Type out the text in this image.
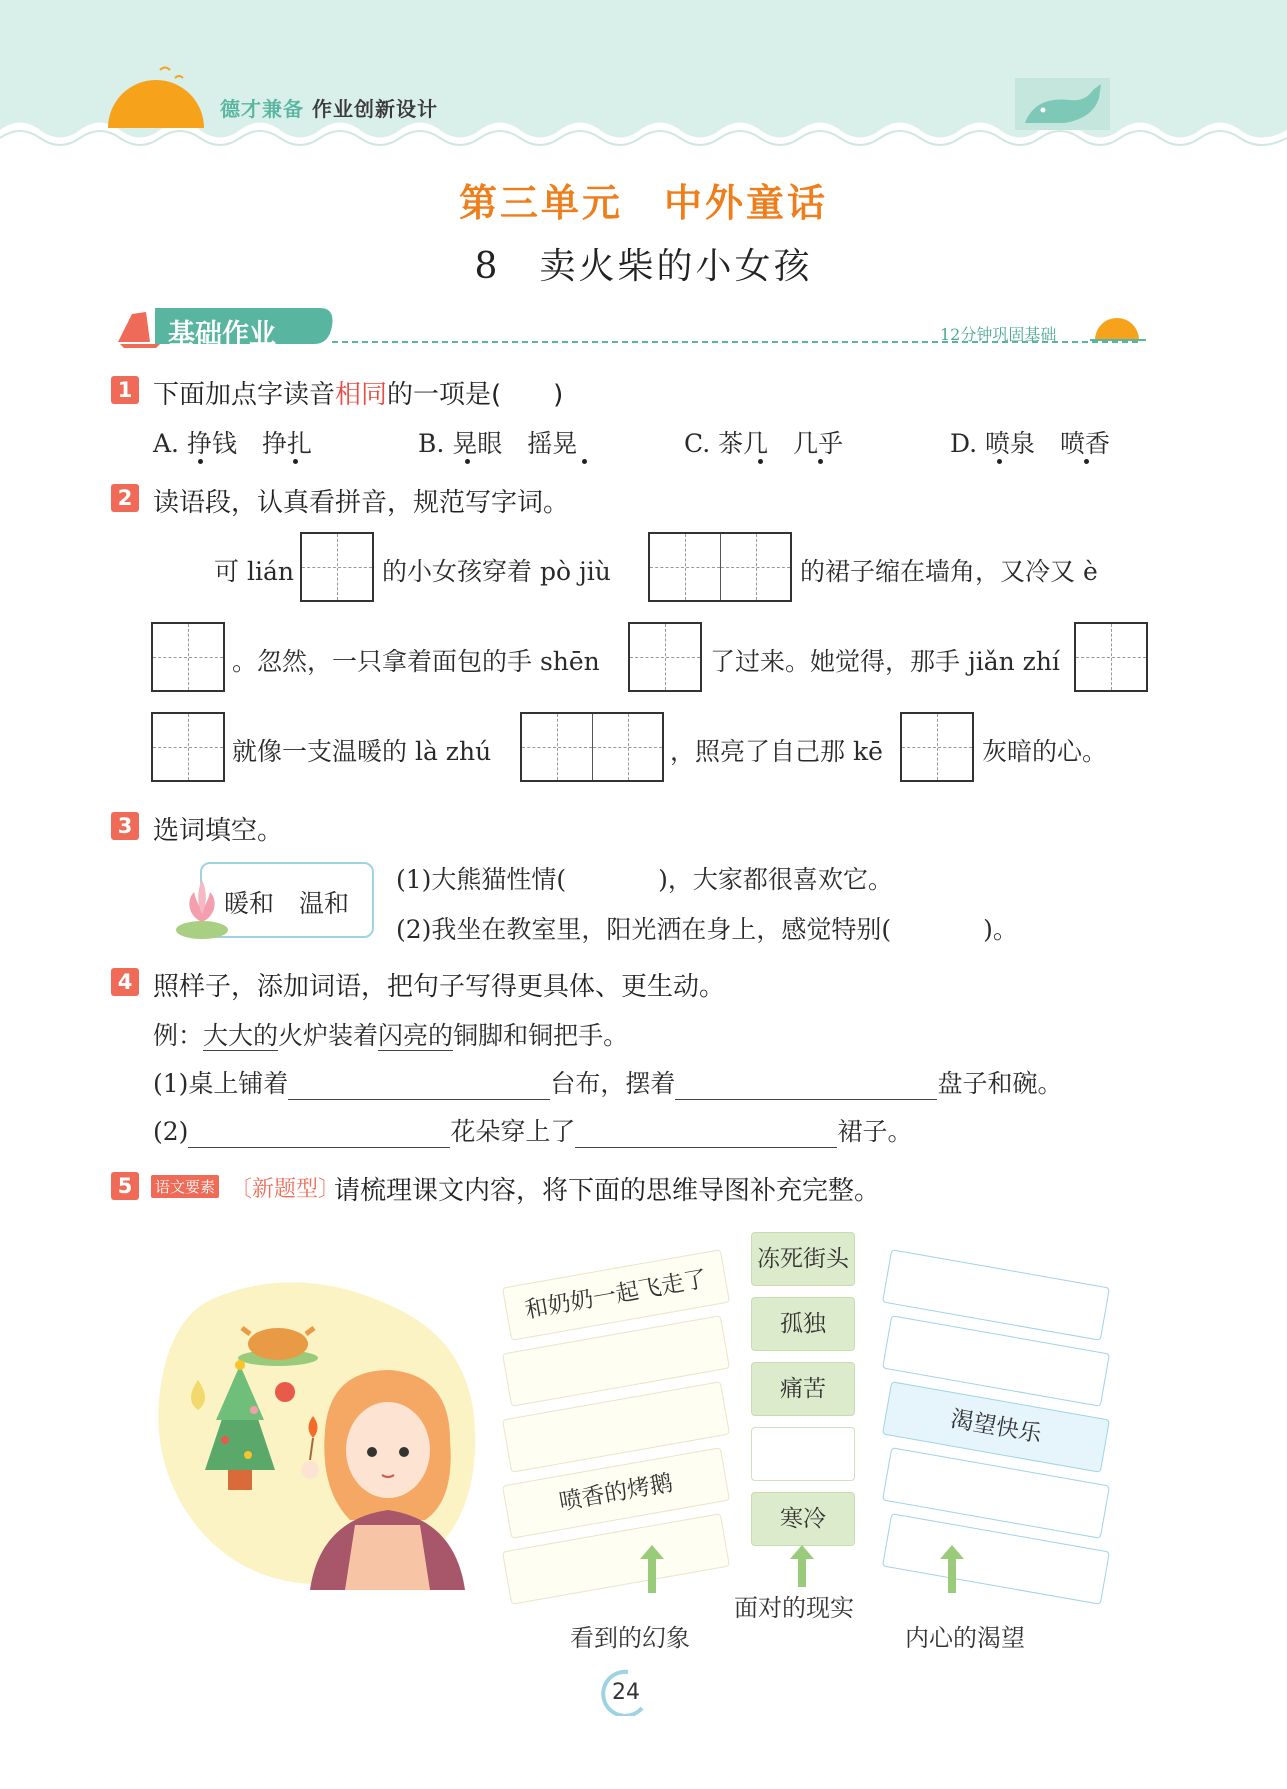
德才兼备 作业创新设计
第三单元　中外童话
8　卖火柴的小女孩
基础作业	12分钟巩固基础
1 下面加点字读音相同的一项是(　　)
A. 挣钱　挣扎	B. 晃眼　摇晃	C. 茶几　几乎	D. 喷泉　喷香
2 读语段，认真看拼音，规范写字词。
可 lián	的小女孩穿着 pò jiù	的裙子缩在墙角，又冷又 è
。忽然，一只拿着面包的手 shēn	了过来。她觉得，那手 jiǎn zhí
就像一支温暖的 là zhú	，照亮了自己那 kē	灰暗的心。
3 选词填空。
暖和　温和
(1)大熊猫性情(	)，大家都很喜欢它。
(2)我坐在教室里，阳光洒在身上，感觉特别(	)。
4 照样子，添加词语，把句子写得更具体、更生动。
例：大大的火炉装着闪亮的铜脚和铜把手。
(1)桌上铺着	台布，摆着	盘子和碗。
(2)	花朵穿上了	裙子。
5	语文要素 〔新题型〕
请梳理课文内容，将下面的思维导图补充完整。
和奶奶一起飞走了
喷香的烤鹅
冻死街头
孤独
痛苦
寒冷
渴望快乐
看到的幻象
面对的现实
内心的渴望
24
